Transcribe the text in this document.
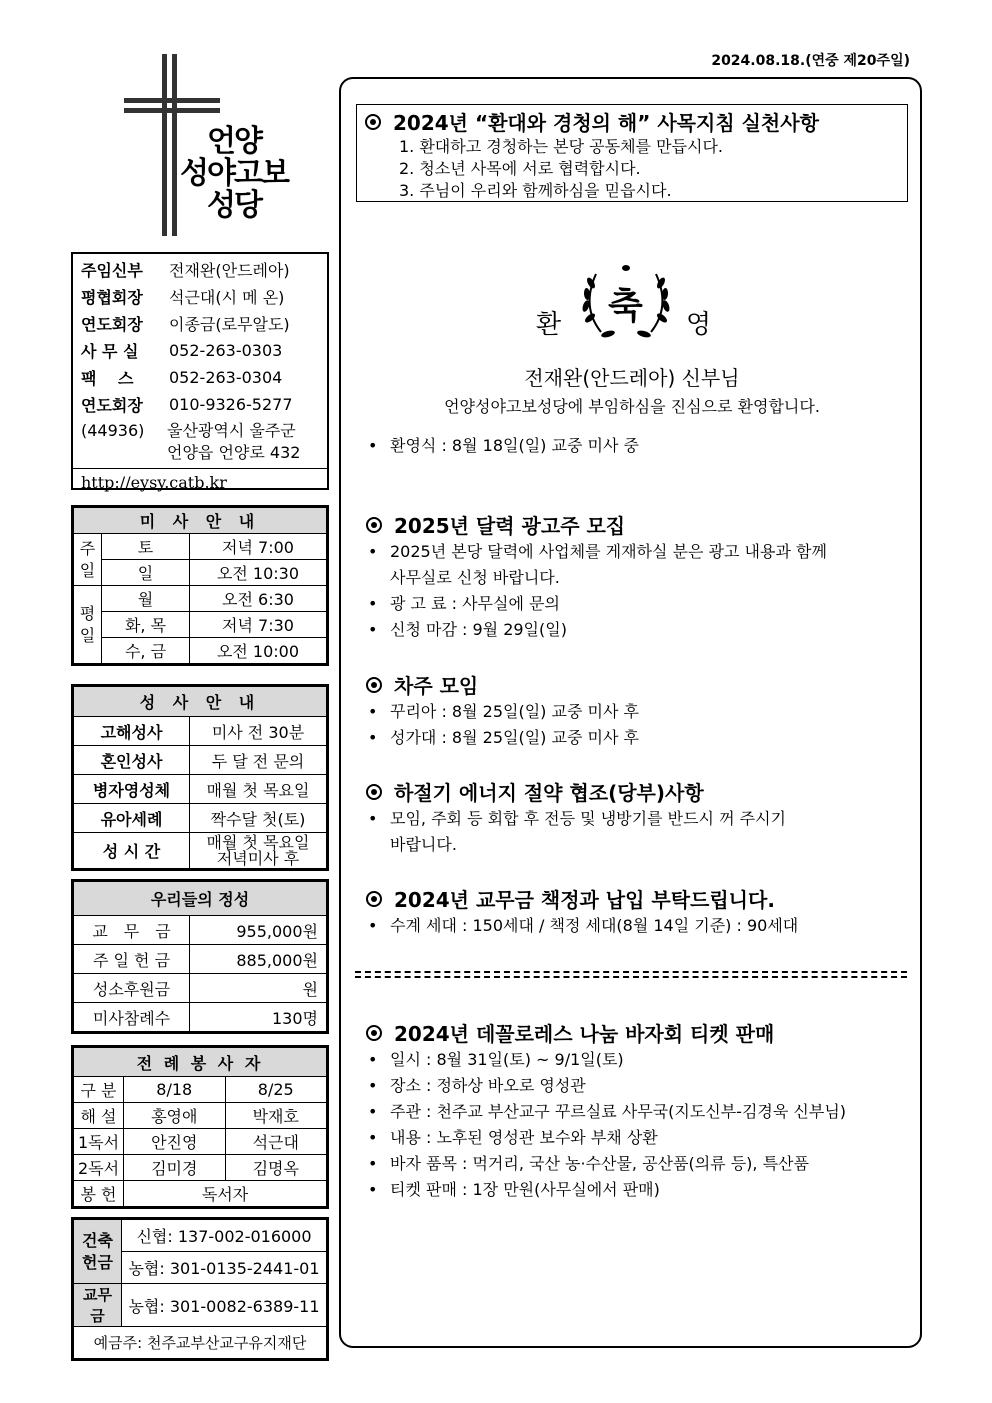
2024.08.18.(연중 제20주일)
언양
성야고보
성당
주임신부	전재완(안드레아)
평협회장	석근대(시 메 온)
연도회장	이종금(로무알도)
사 무 실	052-263-0303
팩　 스	052-263-0304
연도회장	010-9326-5277
(44936)	울산광역시 울주군
언양읍 언양로 432
http://eysy.catb.kr
미 사 안 내		
주일	토	저녁 7:00
	일	오전 10:30
평일	월	오전 6:30
	화, 목	저녁 7:30
	수, 금	오전 10:00
성 사 안 내	
고해성사	미사 전 30분
혼인성사	두 달 전 문의
병자영성체	매월 첫 목요일
유아세례	짝수달 첫(토)
성 시 간	매월 첫 목요일
저녁미사 후
우리들의 정성	
교　무　금	955,000원
주 일 헌 금	885,000원
성소후원금	원
미사참례수	130명
전 례 봉 사 자		
구 분	8/18	8/25
해 설	홍영애	박재호
1독서	안진영	석근대
2독서	김미경	김명옥
봉 헌	독서자	
건축
헌금	신협: 137-002-016000
	농협: 301-0135-2441-01
교무금	농협: 301-0082-6389-11
예금주: 천주교부산교구유지재단	
2024년 “환대와 경청의 해” 사목지침 실천사항
1. 환대하고 경청하는 본당 공동체를 만듭시다.
2. 청소년 사목에 서로 협력합시다.
3. 주님이 우리와 함께하심을 믿읍시다.
환 축 영
전재완(안드레아) 신부님
언양성야고보성당에 부임하심을 진심으로 환영합니다.
• 환영식 : 8월 18일(일) 교중 미사 중
2025년 달력 광고주 모집
• 2025년 본당 달력에 사업체를 게재하실 분은 광고 내용과 함께
사무실로 신청 바랍니다.
• 광 고 료 : 사무실에 문의
• 신청 마감 : 9월 29일(일)
차주 모임
• 꾸리아 : 8월 25일(일) 교중 미사 후
• 성가대 : 8월 25일(일) 교중 미사 후
하절기 에너지 절약 협조(당부)사항
• 모임, 주회 등 회합 후 전등 및 냉방기를 반드시 꺼 주시기
바랍니다.
2024년 교무금 책정과 납입 부탁드립니다.
• 수계 세대 : 150세대 / 책정 세대(8월 14일 기준) : 90세대
2024년 데꼴로레스 나눔 바자회 티켓 판매
• 일시 : 8월 31일(토) ~ 9/1일(토)
• 장소 : 정하상 바오로 영성관
• 주관 : 천주교 부산교구 꾸르실료 사무국(지도신부-김경욱 신부님)
• 내용 : 노후된 영성관 보수와 부채 상환
• 바자 품목 : 먹거리, 국산 농·수산물, 공산품(의류 등), 특산품
• 티켓 판매 : 1장 만원(사무실에서 판매)
